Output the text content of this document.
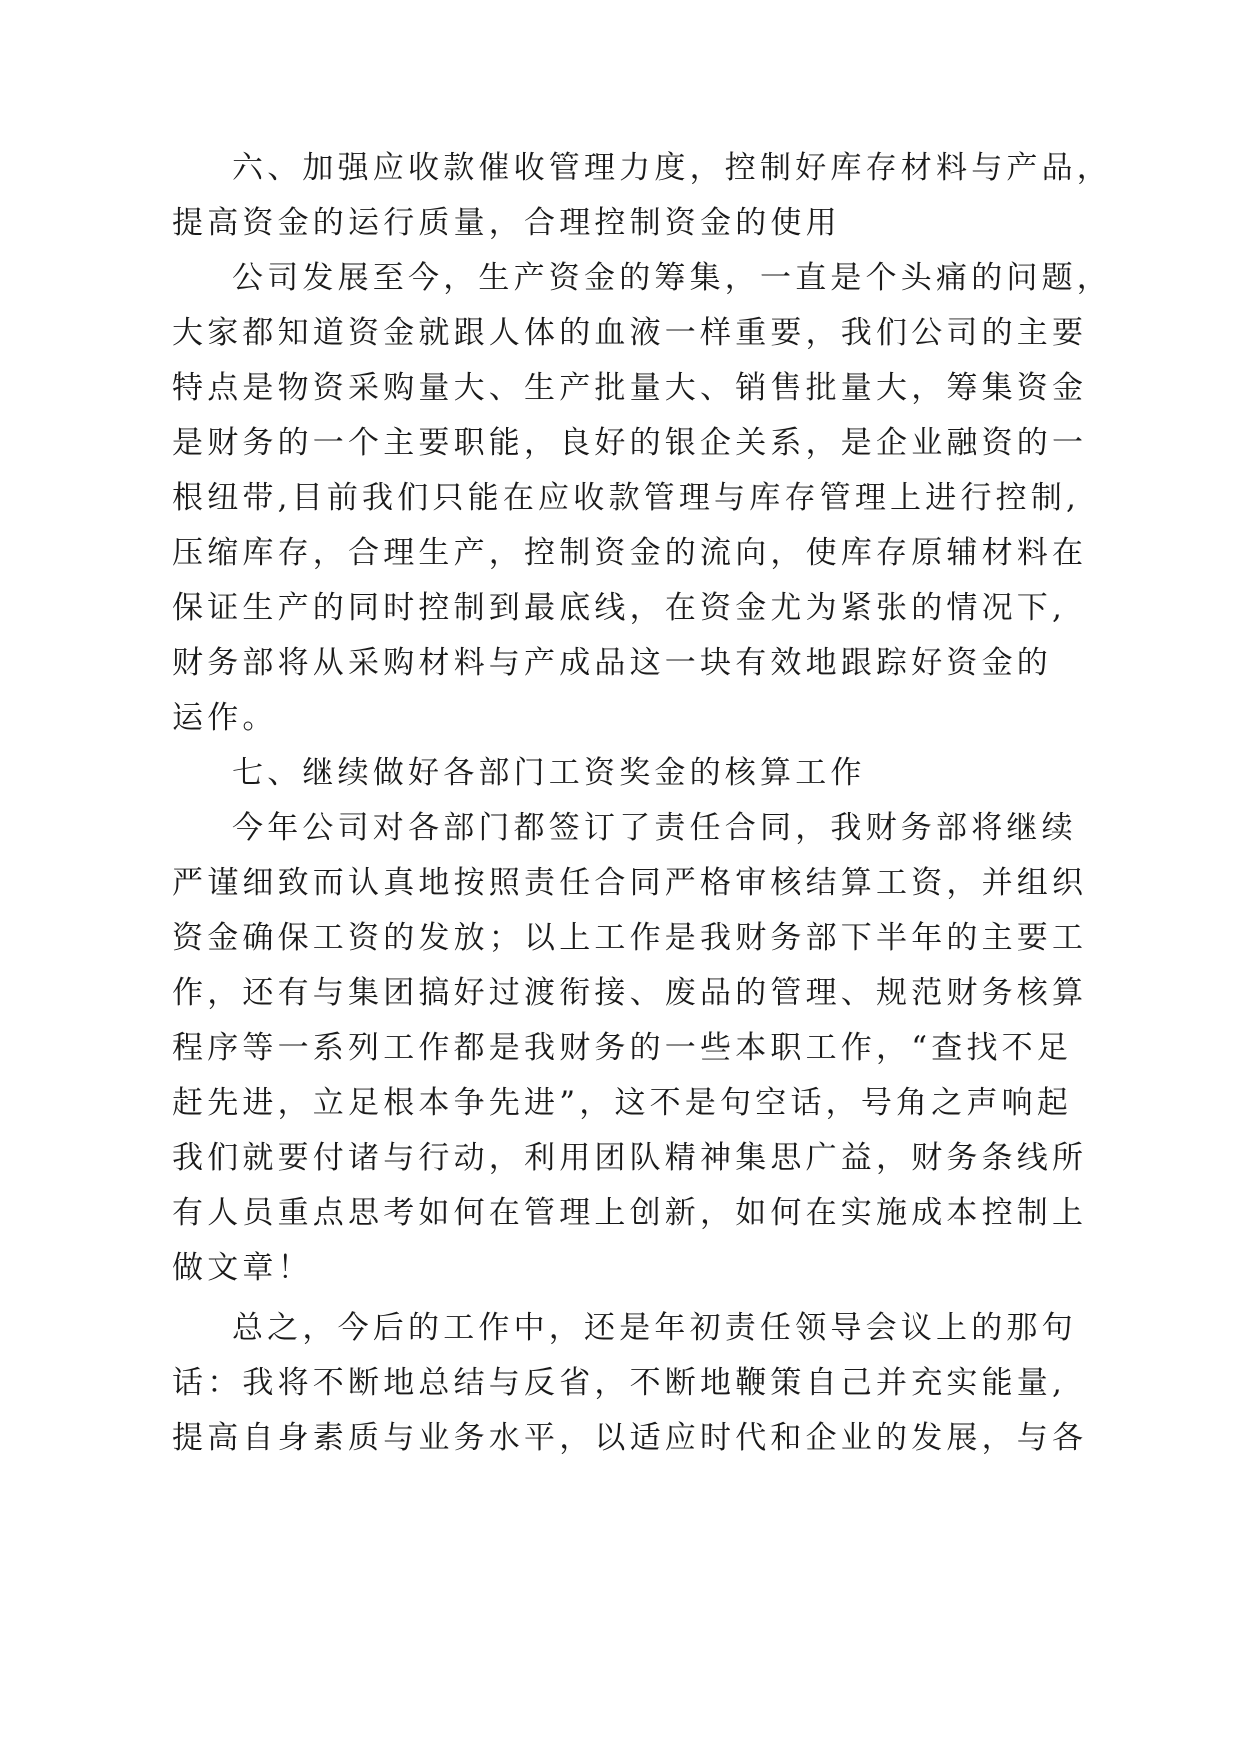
六、加强应收款催收管理力度，控制好库存材料与产品，
提高资金的运行质量，合理控制资金的使用
公司发展至今，生产资金的筹集，一直是个头痛的问题，
大家都知道资金就跟人体的血液一样重要，我们公司的主要
特点是物资采购量大、生产批量大、销售批量大，筹集资金
是财务的一个主要职能，良好的银企关系，是企业融资的一
根纽带,目前我们只能在应收款管理与库存管理上进行控制,
压缩库存，合理生产，控制资金的流向，使库存原辅材料在
保证生产的同时控制到最底线，在资金尤为紧张的情况下,
财务部将从采购材料与产成品这一块有效地跟踪好资金的
运作。
七、继续做好各部门工资奖金的核算工作
今年公司对各部门都签订了责任合同，我财务部将继续
严谨细致而认真地按照责任合同严格审核结算工资，并组织
资金确保工资的发放；以上工作是我财务部下半年的主要工
作，还有与集团搞好过渡衔接、废品的管理、规范财务核算
程序等一系列工作都是我财务的一些本职工作，“查找不足
赶先进，立足根本争先进”，这不是句空话，号角之声响起
我们就要付诸与行动，利用团队精神集思广益，财务条线所
有人员重点思考如何在管理上创新，如何在实施成本控制上
做文章！
总之，今后的工作中，还是年初责任领导会议上的那句
话：我将不断地总结与反省，不断地鞭策自己并充实能量,
提高自身素质与业务水平，以适应时代和企业的发展，与各
